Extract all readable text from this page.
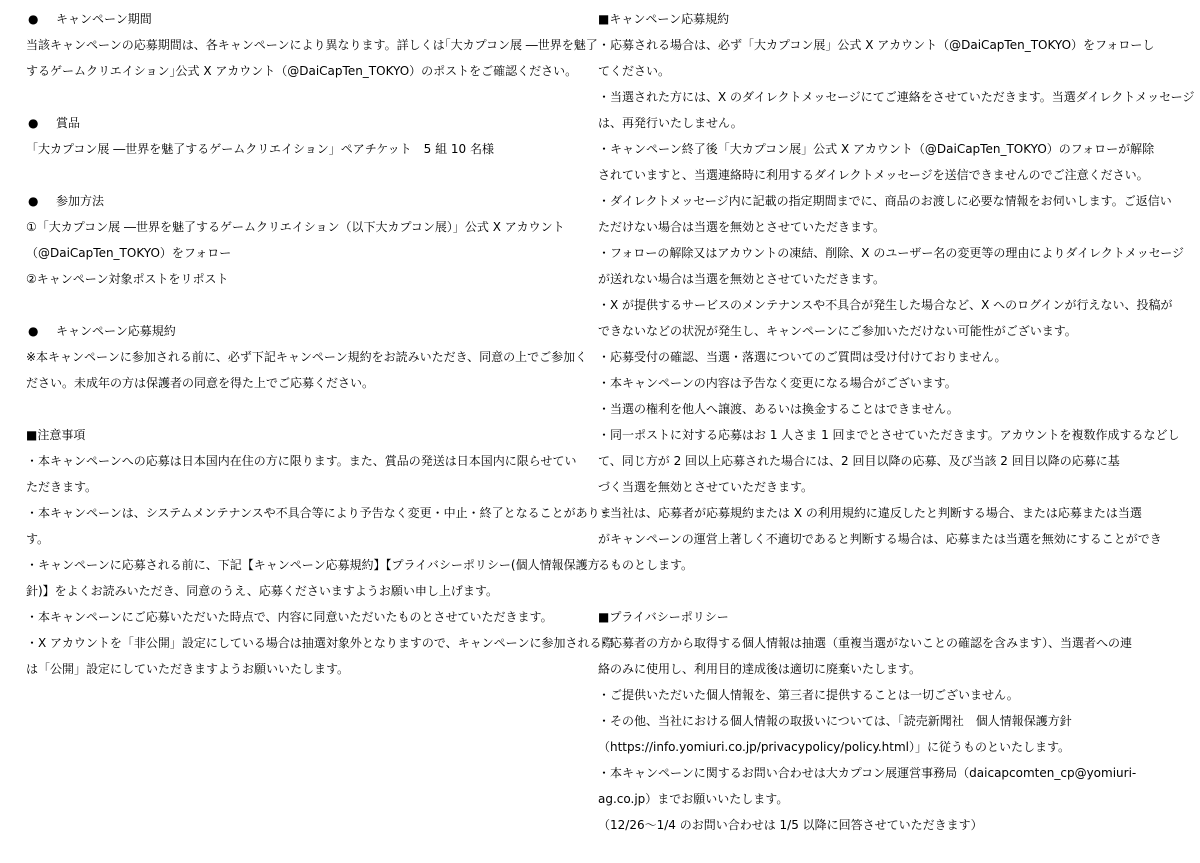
● キャンペーン期間
当該キャンペーンの応募期間は、各キャンペーンにより異なります。詳しくは｢大カプコン展 ―世界を魅了
するゲームクリエイション｣公式 X アカウント（@DaiCapTen_TOKYO）のポストをご確認ください。
● 賞品
「大カプコン展 ―世界を魅了するゲームクリエイション」ペアチケット　5 組 10 名様
● 参加方法
①「大カプコン展 ―世界を魅了するゲームクリエイション（以下大カプコン展）」公式 X アカウント
（@DaiCapTen_TOKYO）をフォロー
②キャンペーン対象ポストをリポスト
● キャンペーン応募規約
※本キャンペーンに参加される前に、必ず下記キャンペーン規約をお読みいただき、同意の上でご参加く
ださい。未成年の方は保護者の同意を得た上でご応募ください。
■注意事項
・本キャンペーンへの応募は日本国内在住の方に限ります。また、賞品の発送は日本国内に限らせてい
ただきます。
・本キャンペーンは、システムメンテナンスや不具合等により予告なく変更・中止・終了となることがありま
す。
・キャンペーンに応募される前に、下記【キャンペーン応募規約】【プライバシーポリシー(個人情報保護方
針)】をよくお読みいただき、同意のうえ、応募くださいますようお願い申し上げます。
・本キャンペーンにご応募いただいた時点で、内容に同意いただいたものとさせていただきます。
・X アカウントを「非公開」設定にしている場合は抽選対象外となりますので、キャンペーンに参加される際
は「公開」設定にしていただきますようお願いいたします。
■キャンペーン応募規約
・応募される場合は、必ず「大カプコン展」公式 X アカウント（@DaiCapTen_TOKYO）をフォローし
てください。
・当選された方には、X のダイレクトメッセージにてご連絡をさせていただきます。当選ダイレクトメッセージ
は、再発行いたしません。
・キャンペーン終了後「大カプコン展」公式 X アカウント（@DaiCapTen_TOKYO）のフォローが解除
されていますと、当選連絡時に利用するダイレクトメッセージを送信できませんのでご注意ください。
・ダイレクトメッセージ内に記載の指定期間までに、商品のお渡しに必要な情報をお伺いします。ご返信い
ただけない場合は当選を無効とさせていただきます。
・フォローの解除又はアカウントの凍結、削除、X のユーザー名の変更等の理由によりダイレクトメッセージ
が送れない場合は当選を無効とさせていただきます。
・X が提供するサービスのメンテナンスや不具合が発生した場合など、X へのログインが行えない、投稿が
できないなどの状況が発生し、キャンペーンにご参加いただけない可能性がございます。
・応募受付の確認、当選・落選についてのご質問は受け付けておりません。
・本キャンペーンの内容は予告なく変更になる場合がございます。
・当選の権利を他人へ譲渡、あるいは換金することはできません。
・同一ポストに対する応募はお 1 人さま 1 回までとさせていただきます。アカウントを複数作成するなどし
て、同じ方が 2 回以上応募された場合には、2 回目以降の応募、及び当該 2 回目以降の応募に基
づく当選を無効とさせていただきます。
・当社は、応募者が応募規約または X の利用規約に違反したと判断する場合、または応募または当選
がキャンペーンの運営上著しく不適切であると判断する場合は、応募または当選を無効にすることができ
るものとします。
■プライバシーポリシー
・応募者の方から取得する個人情報は抽選（重複当選がないことの確認を含みます）、当選者への連
絡のみに使用し、利用目的達成後は適切に廃棄いたします。
・ご提供いただいた個人情報を、第三者に提供することは一切ございません。
・その他、当社における個人情報の取扱いについては、「読売新聞社　個人情報保護方針
（https://info.yomiuri.co.jp/privacypolicy/policy.html）」に従うものといたします。
・本キャンペーンに関するお問い合わせは大カプコン展運営事務局（daicapcomten_cp@yomiuri-
ag.co.jp）までお願いいたします。
（12/26～1/4 のお問い合わせは 1/5 以降に回答させていただきます）
